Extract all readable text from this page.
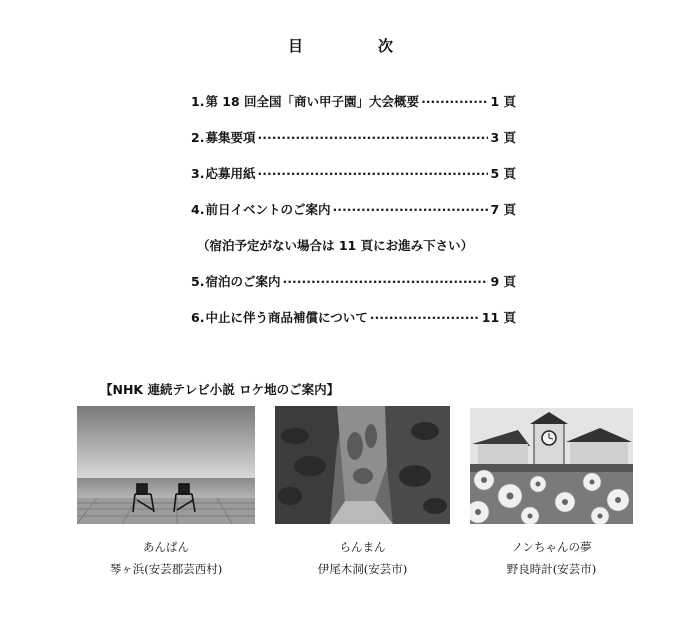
目　次
1. 第 18 回全国「商い甲子園」大会概要 ·····	1 頁
2. 募集要項 ·····	3 頁
3. 応募用紙 ·····	5 頁
4. 前日イベントのご案内 ·····	7 頁
（宿泊予定がない場合は 11 頁にお進み下さい）
5. 宿泊のご案内 ·····	9 頁
6. 中止に伴う商品補償について ·····	11 頁
【NHK 連続テレビ小説 ロケ地のご案内】
あんぱん
琴ヶ浜(安芸郡芸西村)
らんまん
伊尾木洞(安芸市)
ノンちゃんの夢
野良時計(安芸市)
